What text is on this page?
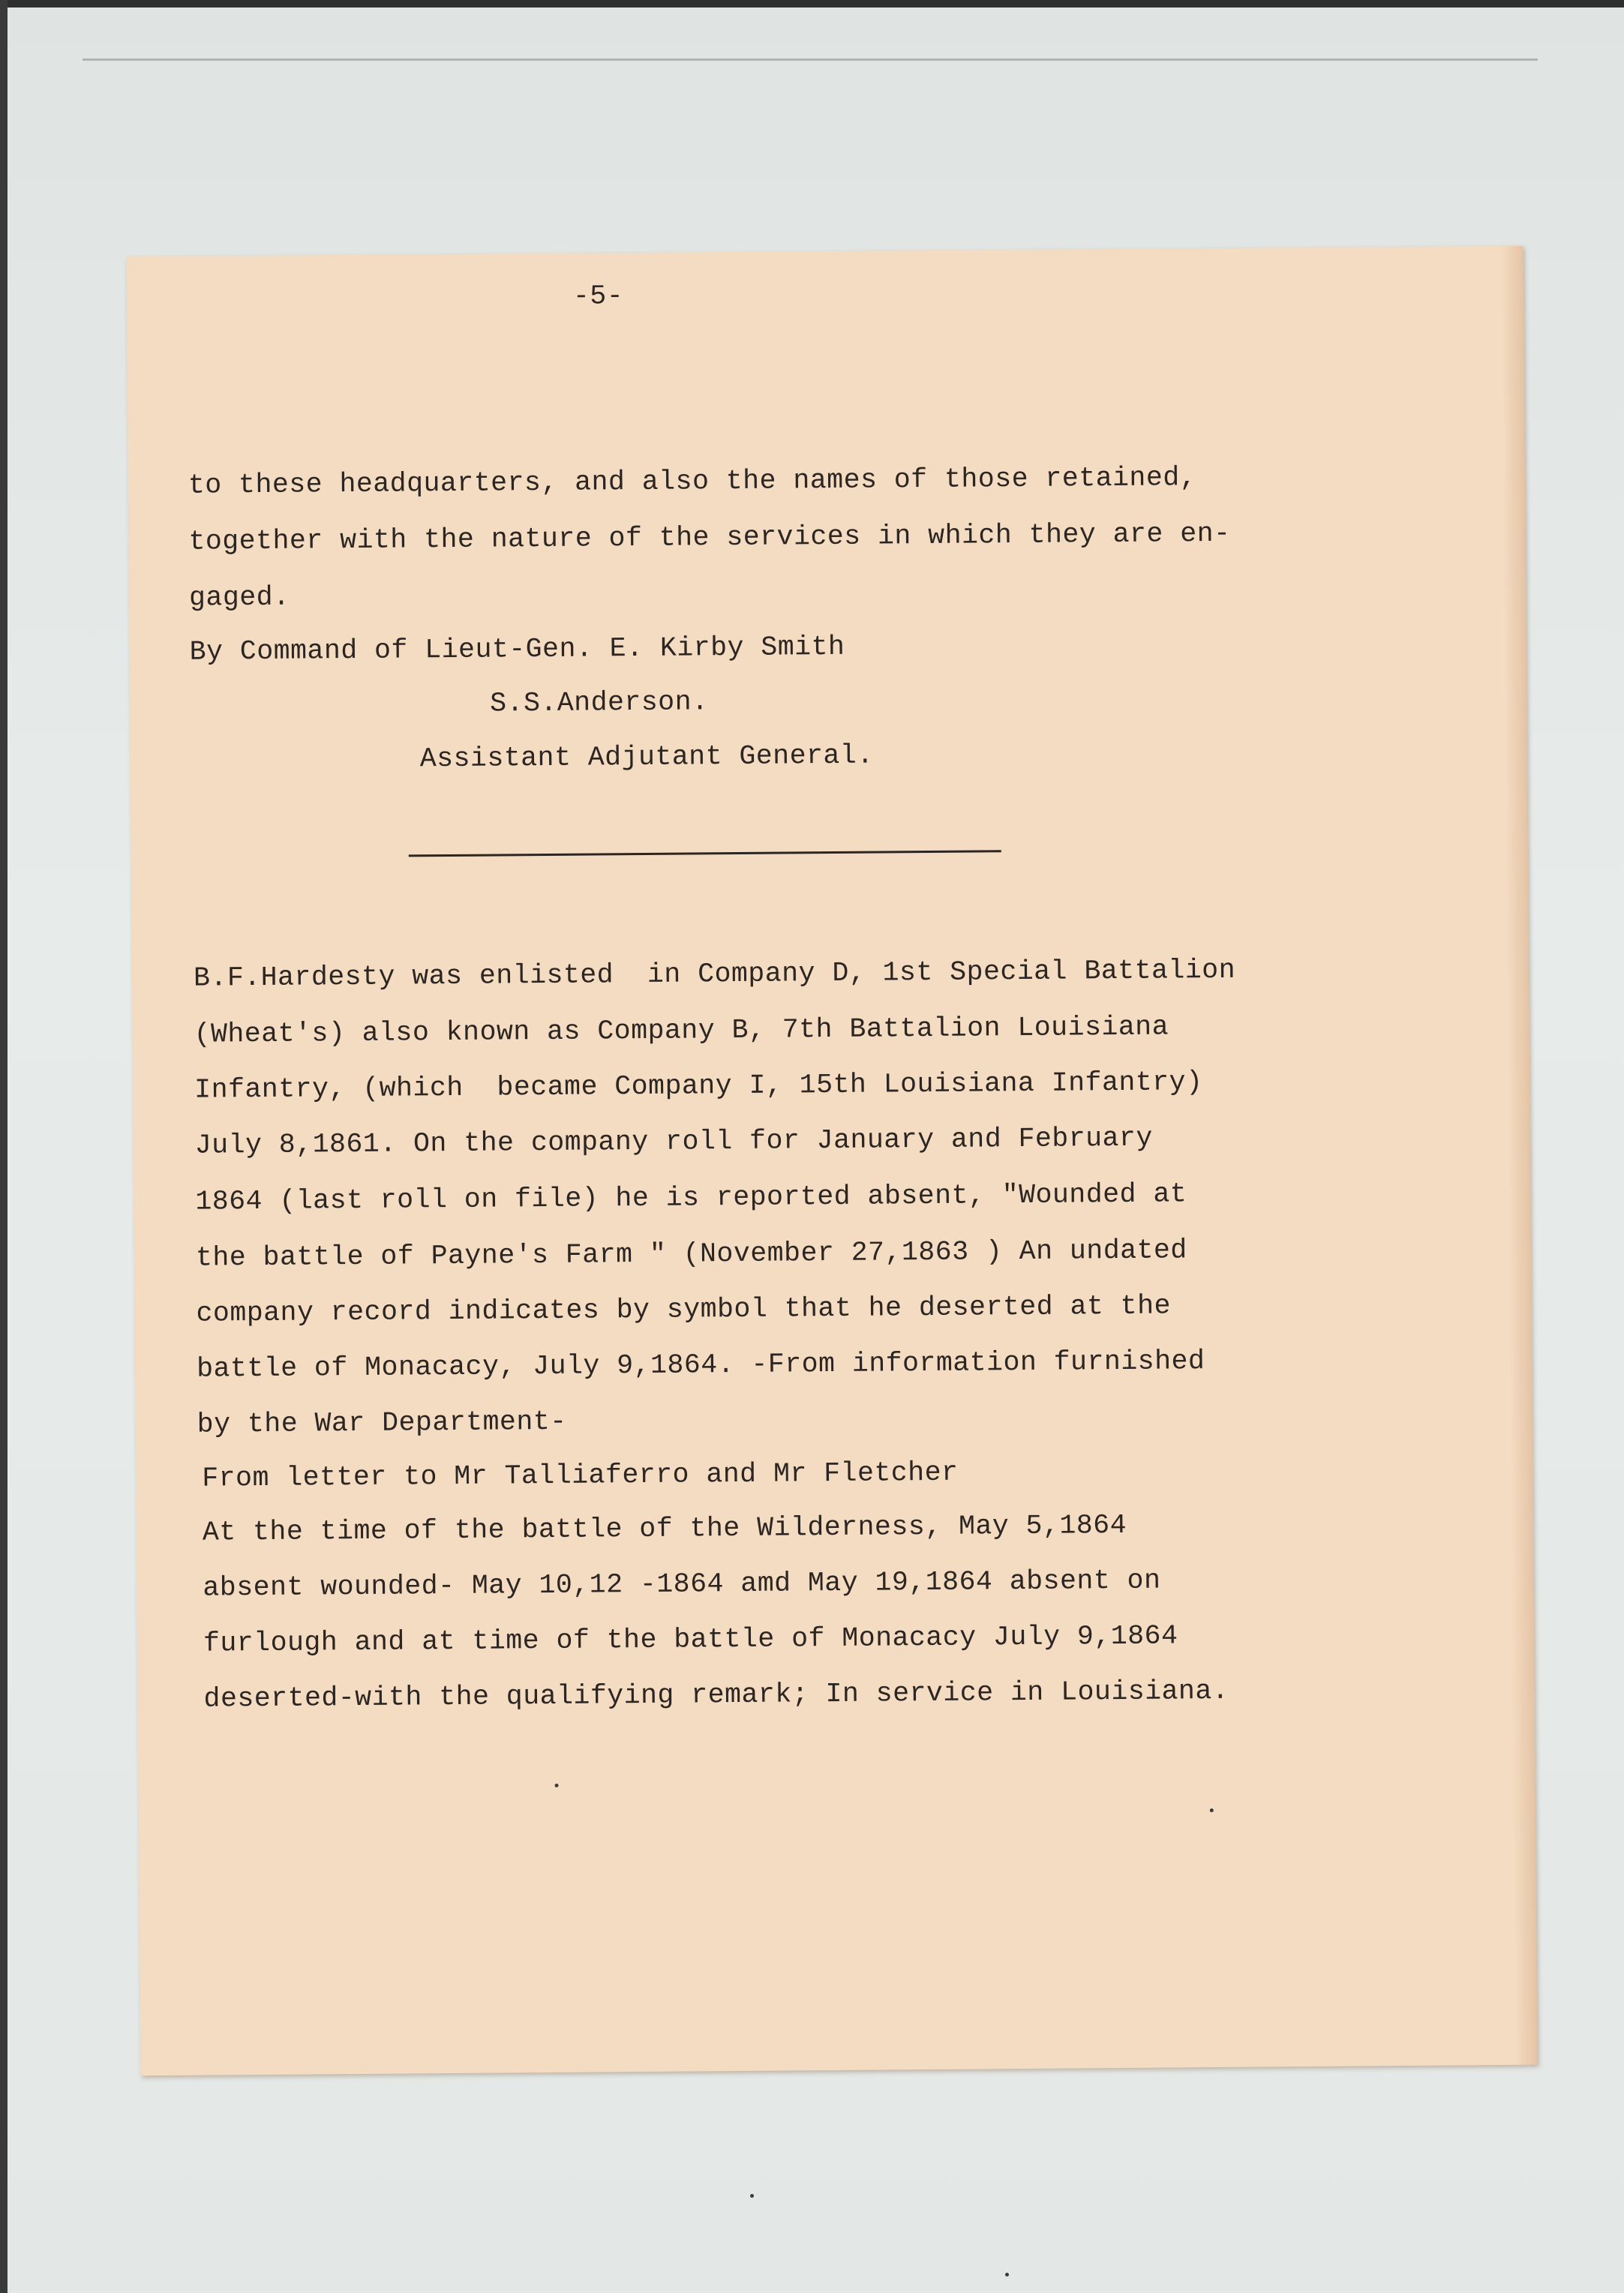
-5-
to these headquarters, and also the names of those retained,
together with the nature of the services in which they are en-
gaged.
By Command of Lieut-Gen. E. Kirby Smith
S.S.Anderson.
Assistant Adjutant General.
B.F.Hardesty was enlisted  in Company D, 1st Special Battalion
(Wheat's) also known as Company B, 7th Battalion Louisiana
Infantry, (which  became Company I, 15th Louisiana Infantry)
July 8,1861. On the company roll for January and February
1864 (last roll on file) he is reported absent, "Wounded at
the battle of Payne's Farm " (November 27,1863 ) An undated
company record indicates by symbol that he deserted at the
battle of Monacacy, July 9,1864. -From information furnished
by the War Department-
From letter to Mr Talliaferro and Mr Fletcher
At the time of the battle of the Wilderness, May 5,1864
absent wounded- May 10,12 -1864 amd May 19,1864 absent on
furlough and at time of the battle of Monacacy July 9,1864
deserted-with the qualifying remark; In service in Louisiana.
